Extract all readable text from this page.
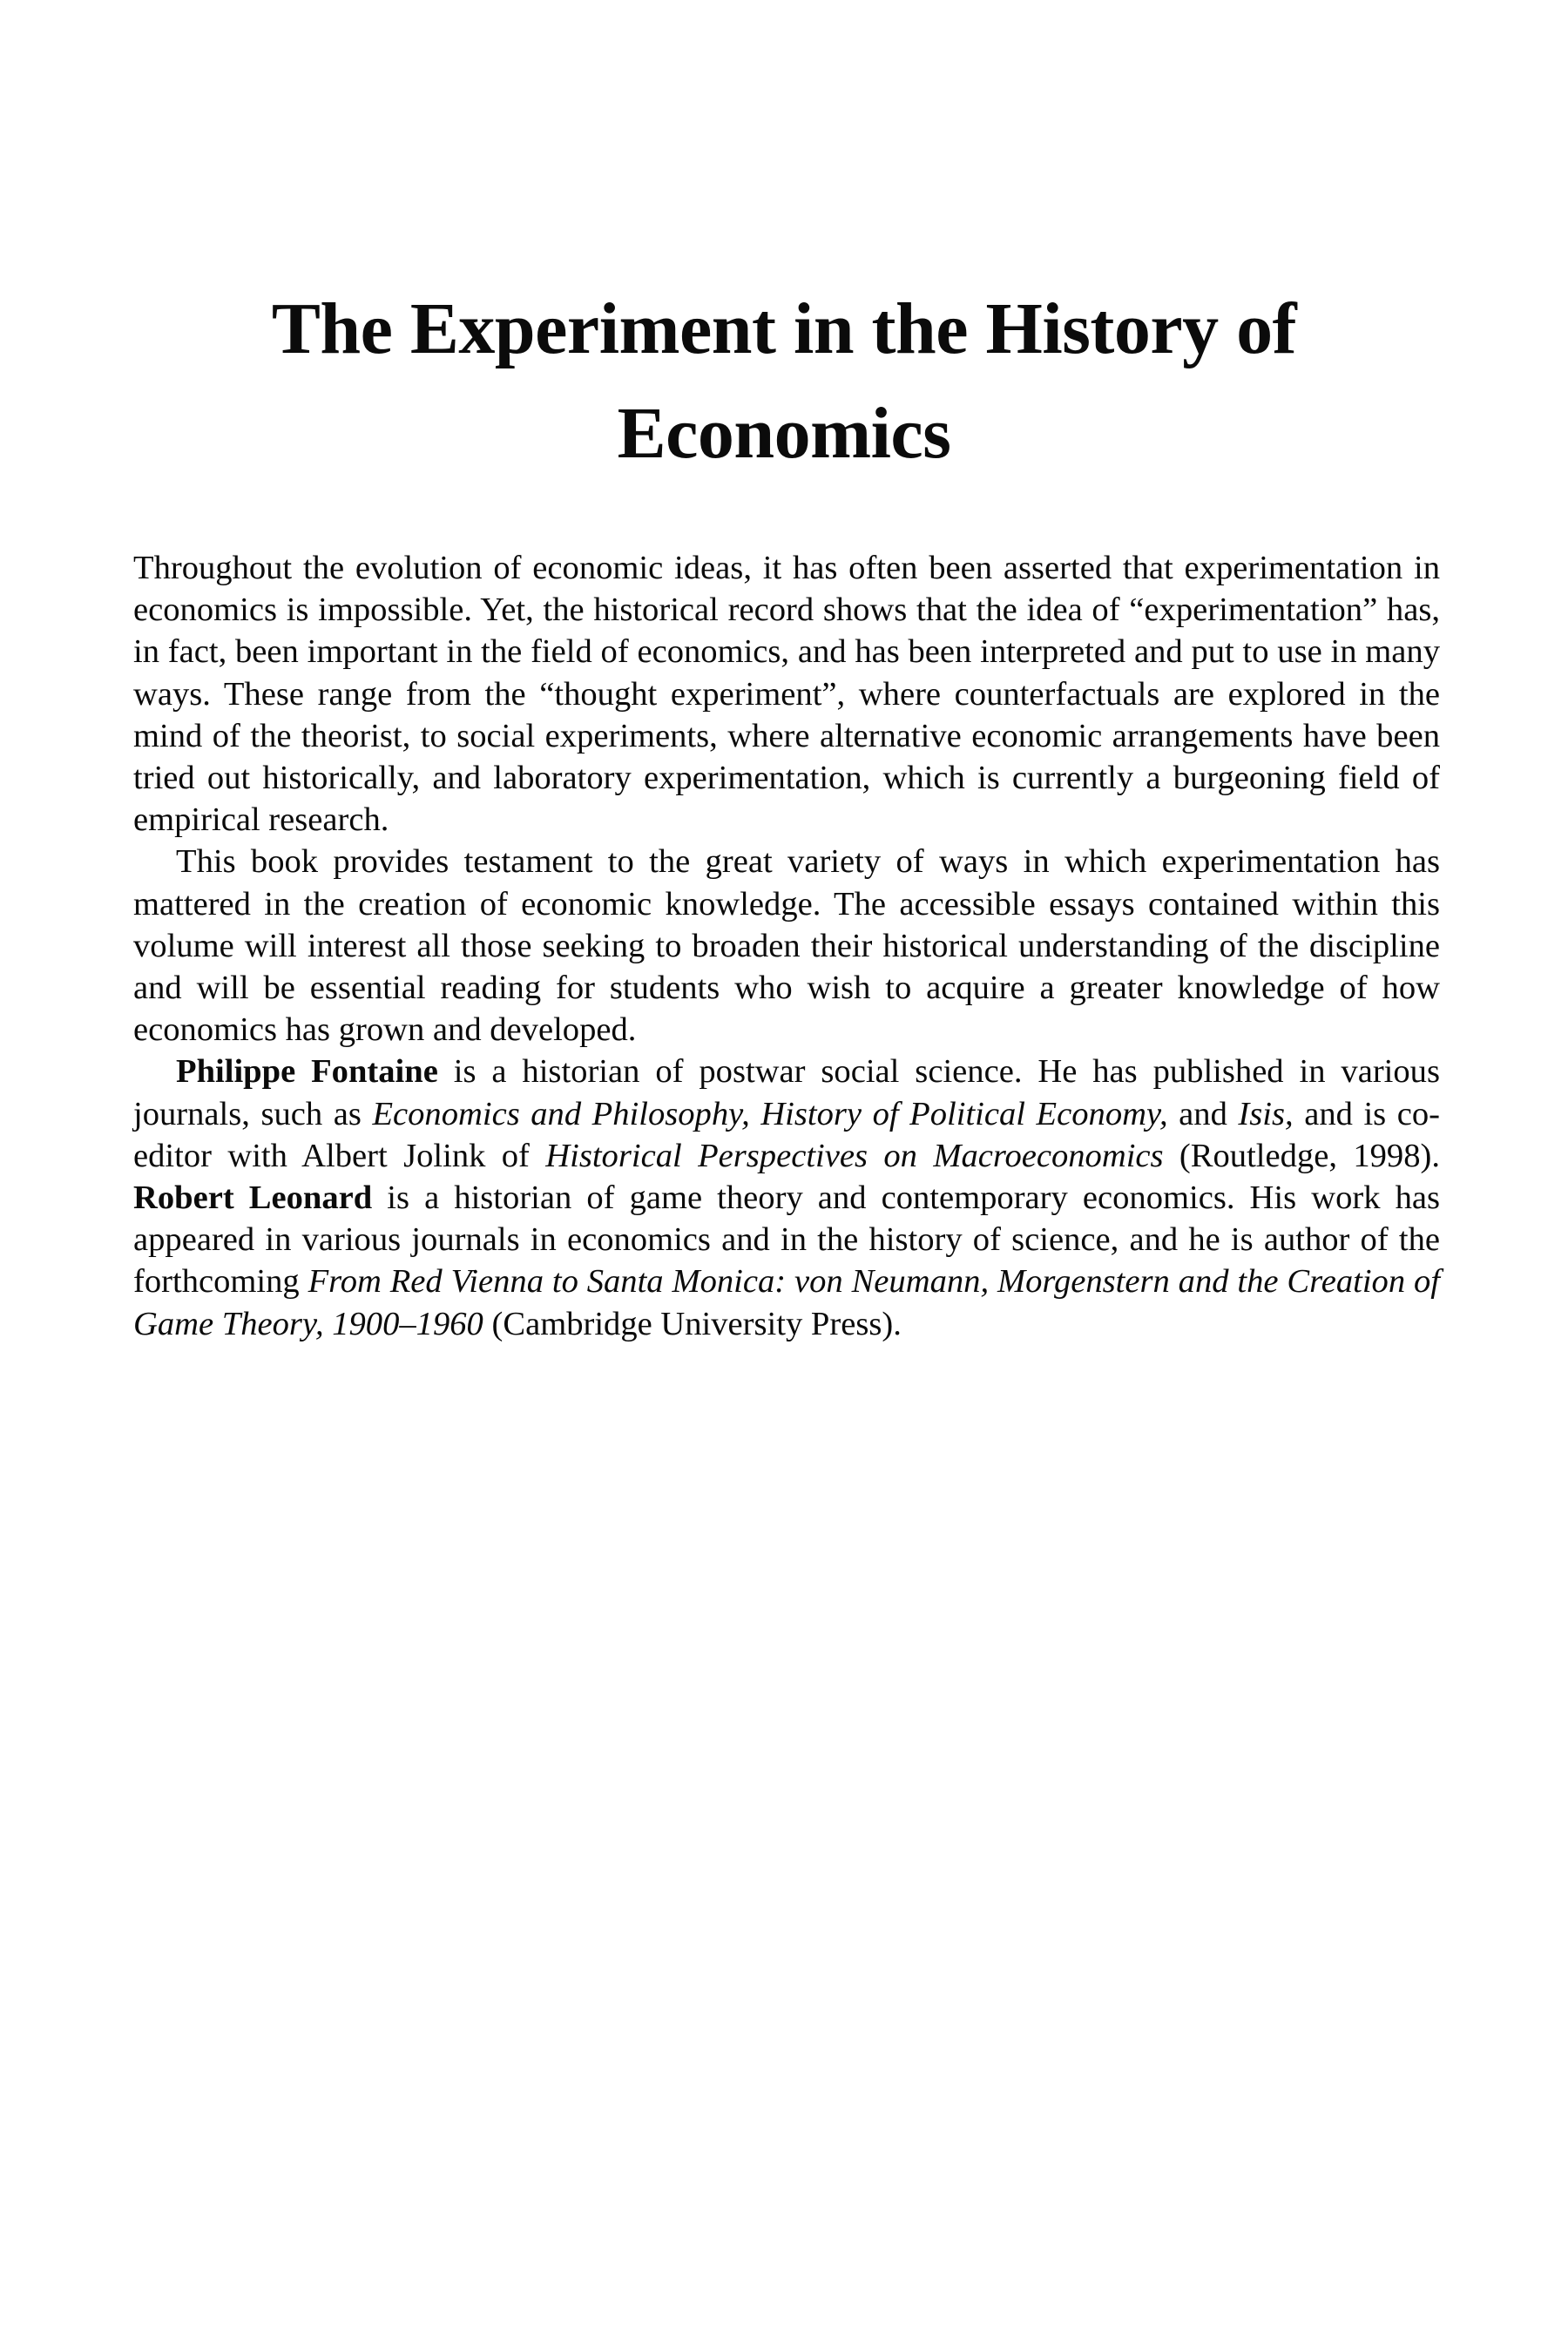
The Experiment in the History of
Economics

Throughout the evolution of economic ideas, it has often been asserted that experimentation in economics is impossible. Yet, the historical record shows that the idea of “experimentation” has, in fact, been important in the field of economics, and has been interpreted and put to use in many ways. These range from the “thought experiment”, where counterfactuals are explored in the mind of the theorist, to social experiments, where alternative economic arrangements have been tried out historically, and laboratory experimentation, which is currently a burgeoning field of empirical research.

This book provides testament to the great variety of ways in which experimentation has mattered in the creation of economic knowledge. The accessible essays contained within this volume will interest all those seeking to broaden their historical understanding of the discipline and will be essential reading for students who wish to acquire a greater knowledge of how economics has grown and developed.

Philippe Fontaine is a historian of postwar social science. He has published in various journals, such as Economics and Philosophy, History of Political Economy, and Isis, and is co-editor with Albert Jolink of Historical Perspectives on Macroeconomics (Routledge, 1998). Robert Leonard is a historian of game theory and contemporary economics. His work has appeared in various journals in economics and in the history of science, and he is author of the forthcoming From Red Vienna to Santa Monica: von Neumann, Morgenstern and the Creation of Game Theory, 1900–1960 (Cambridge University Press).
